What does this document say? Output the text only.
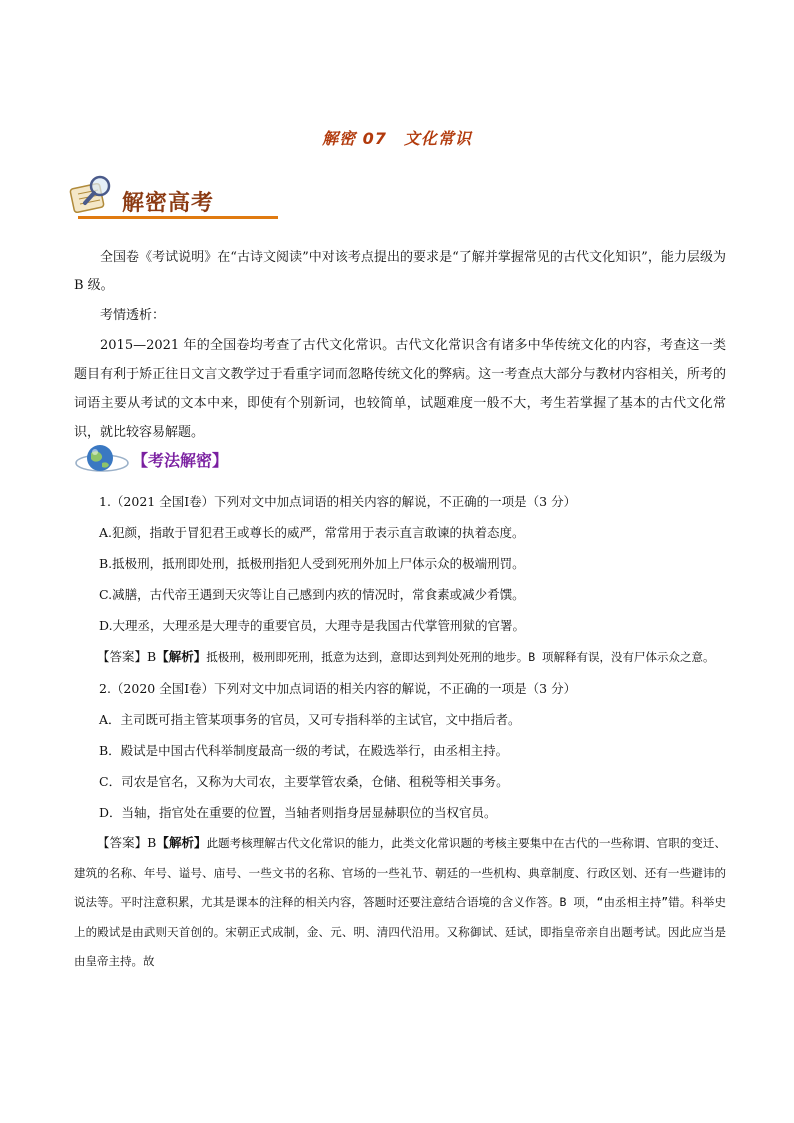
解密 07　文化常识
解密高考

全国卷《考试说明》在“古诗文阅读”中对该考点提出的要求是“了解并掌握常见的古代文化知识”，能力层级为 B 级。

考情透析：

2015—2021 年的全国卷均考查了古代文化常识。古代文化常识含有诸多中华传统文化的内容，考查这一类题目有利于矫正往日文言文教学过于看重字词而忽略传统文化的弊病。这一考查点大部分与教材内容相关，所考的词语主要从考试的文本中来，即使有个别新词，也较简单，试题难度一般不大，考生若掌握了基本的古代文化常识，就比较容易解题。

【考法解密】

1.（2021 全国Ⅰ卷）下列对文中加点词语的相关内容的解说，不正确的一项是（3 分）

A.犯颜，指敢于冒犯君王或尊长的威严，常常用于表示直言敢谏的执着态度。

B.抵极刑，抵刑即处刑，抵极刑指犯人受到死刑外加上尸体示众的极端刑罚。

C.减膳，古代帝王遇到天灾等让自己感到内疚的情况时，常食素或减少肴馔。

D.大理丞，大理丞是大理寺的重要官员，大理寺是我国古代掌管刑狱的官署。

【答案】B【解析】抵极刑，极刑即死刑，抵意为达到，意即达到判处死刑的地步。B 项解释有误，没有尸体示众之意。

2.（2020 全国Ⅰ卷）下列对文中加点词语的相关内容的解说，不正确的一项是（3 分）

A．主司既可指主管某项事务的官员，又可专指科举的主试官，文中指后者。

B．殿试是中国古代科举制度最高一级的考试，在殿选举行，由丞相主持。

C．司农是官名，又称为大司农，主要掌管农桑，仓储、租税等相关事务。

D．当轴，指官处在重要的位置，当轴者则指身居显赫职位的当权官员。

【答案】B【解析】此题考核理解古代文化常识的能力，此类文化常识题的考核主要集中在古代的一些称谓、官职的变迁、建筑的名称、年号、谥号、庙号、一些文书的名称、官场的一些礼节、朝廷的一些机构、典章制度、行政区划、还有一些避讳的说法等。平时注意积累，尤其是课本的注释的相关内容，答题时还要注意结合语境的含义作答。B 项，“由丞相主持”错。科举史上的殿试是由武则天首创的。宋朝正式成制，金、元、明、清四代沿用。又称御试、廷试，即指皇帝亲自出题考试。因此应当是由皇帝主持。故
